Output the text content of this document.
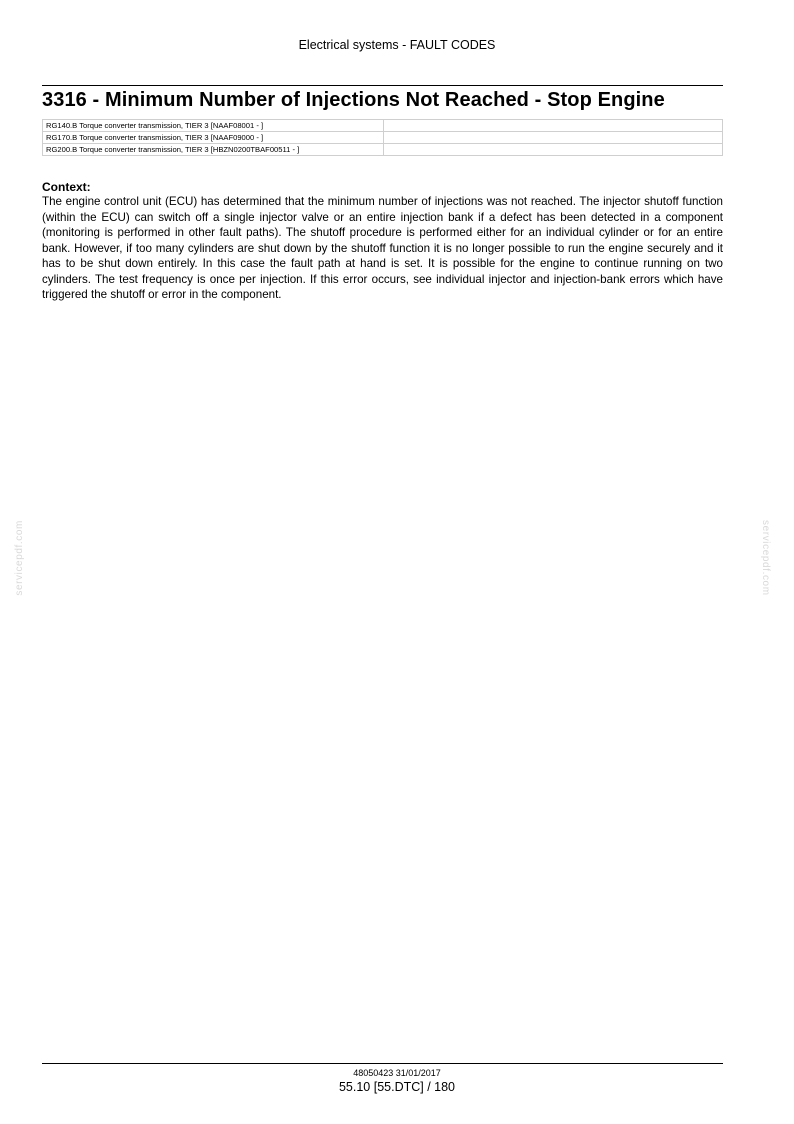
Electrical systems - FAULT CODES
3316 - Minimum Number of Injections Not Reached - Stop Engine
RG140.B Torque converter transmission, TIER 3 [NAAF08001 - ]	
RG170.B Torque converter transmission, TIER 3 [NAAF09000 - ]	
RG200.B Torque converter transmission, TIER 3 [HBZN0200TBAF00511 - ]	
Context:

The engine control unit (ECU) has determined that the minimum number of injections was not reached. The injector shutoff function (within the ECU) can switch off a single injector valve or an entire injection bank if a defect has been detected in a component (monitoring is performed in other fault paths). The shutoff procedure is performed either for an individual cylinder or for an entire bank. However, if too many cylinders are shut down by the shutoff function it is no longer possible to run the engine securely and it has to be shut down entirely. In this case the fault path at hand is set. It is possible for the engine to continue running on two cylinders. The test frequency is once per injection. If this error occurs, see individual injector and injection-bank errors which have triggered the shutoff or error in the component.

servicepdf.com	servicepdf.com
48050423 31/01/2017
55.10 [55.DTC] / 180
